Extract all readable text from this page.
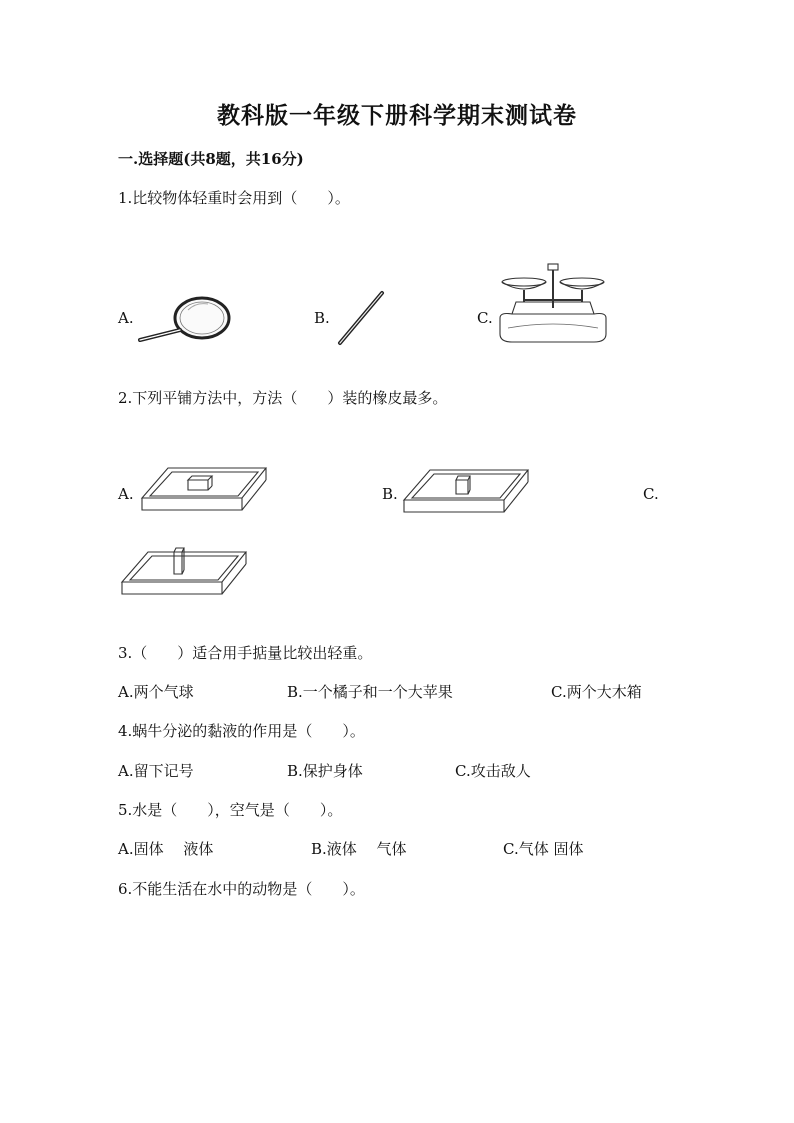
教科版一年级下册科学期末测试卷
一.选择题(共8题，共16分)
1.比较物体轻重时会用到（　　）。
A.	B.	C.
2.下列平铺方法中，方法（　　）装的橡皮最多。
A.	B.	C.
3.（　　）适合用手掂量比较出轻重。
A.两个气球	B.一个橘子和一个大苹果	C.两个大木箱
4.蜗牛分泌的黏液的作用是（　　）。
A.留下记号	B.保护身体	C.攻击敌人
5.水是（　　），空气是（　　）。
A.固体　 液体	B.液体　 气体	C.气体 固体
6.不能生活在水中的动物是（　　）。
